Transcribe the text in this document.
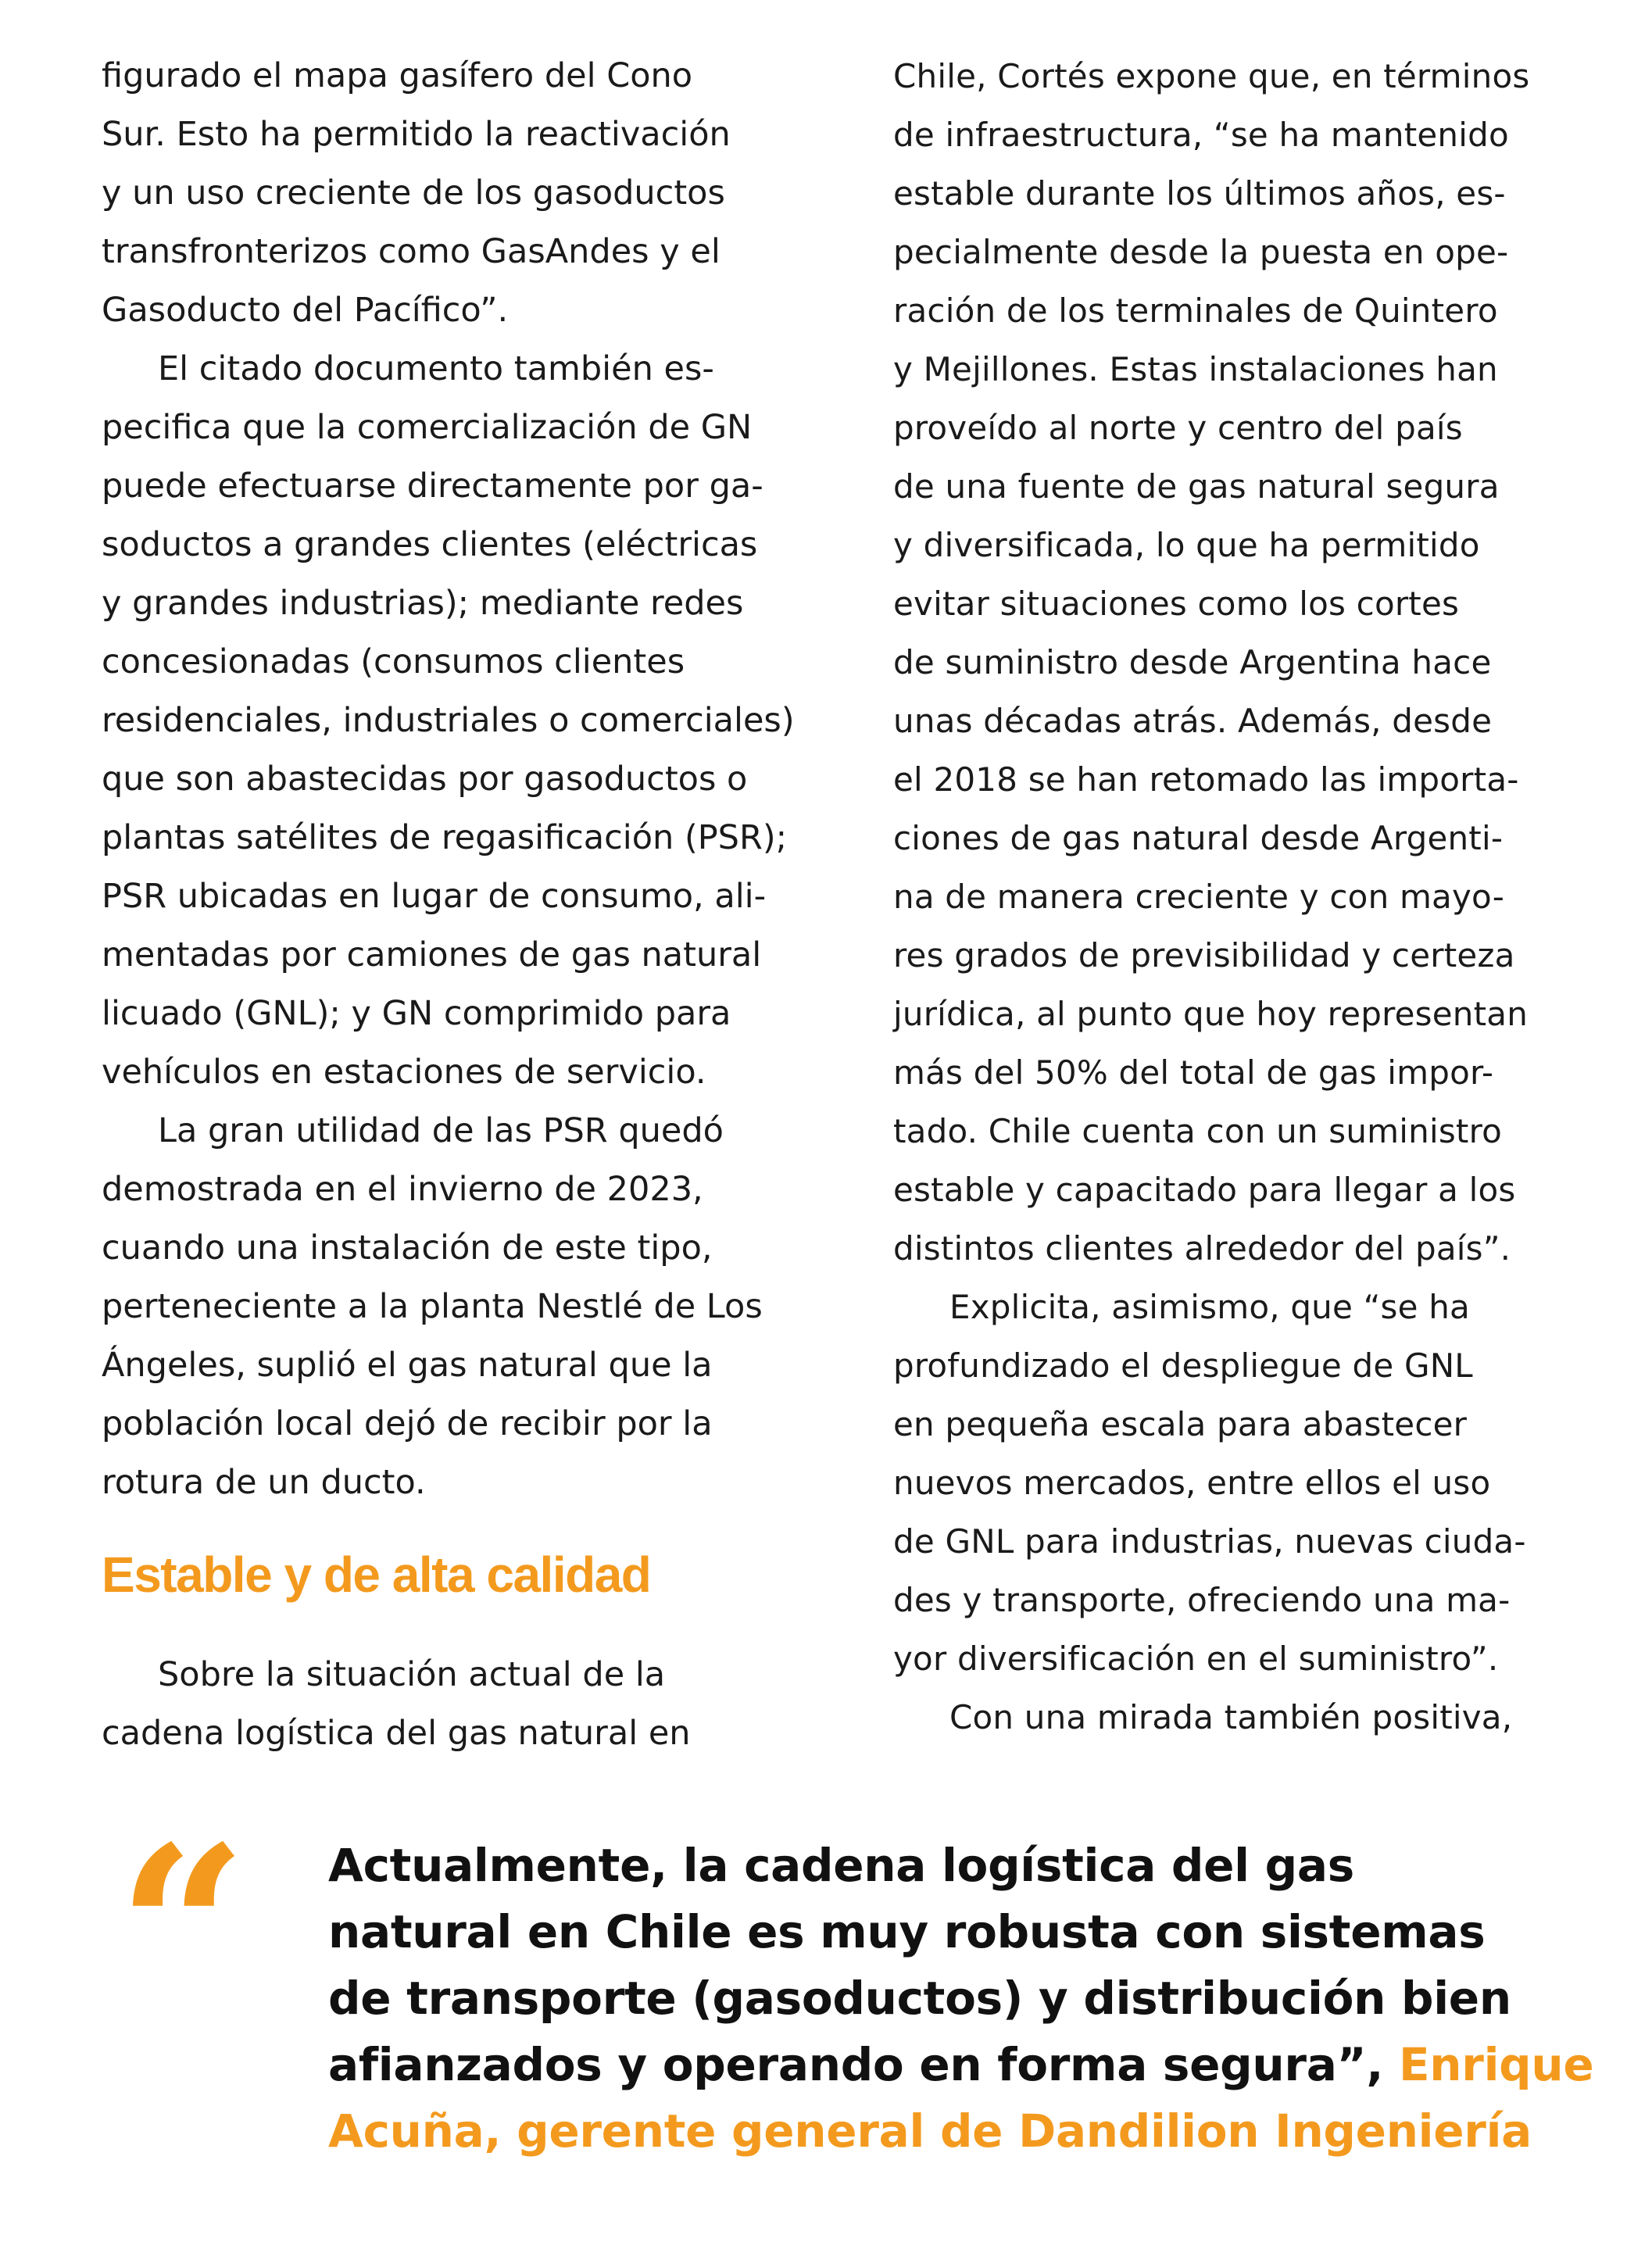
figurado el mapa gasífero del Cono
Sur. Esto ha permitido la reactivación
y un uso creciente de los gasoductos
transfronterizos como GasAndes y el
Gasoducto del Pacífico”.
El citado documento también es-
pecifica que la comercialización de GN
puede efectuarse directamente por ga-
soductos a grandes clientes (eléctricas
y grandes industrias); mediante redes
concesionadas (consumos clientes
residenciales, industriales o comerciales)
que son abastecidas por gasoductos o
plantas satélites de regasificación (PSR);
PSR ubicadas en lugar de consumo, ali-
mentadas por camiones de gas natural
licuado (GNL); y GN comprimido para
vehículos en estaciones de servicio.
La gran utilidad de las PSR quedó
demostrada en el invierno de 2023,
cuando una instalación de este tipo,
perteneciente a la planta Nestlé de Los
Ángeles, suplió el gas natural que la
población local dejó de recibir por la
rotura de un ducto.
Estable y de alta calidad
Sobre la situación actual de la
cadena logística del gas natural en
Chile, Cortés expone que, en términos
de infraestructura, “se ha mantenido
estable durante los últimos años, es-
pecialmente desde la puesta en ope-
ración de los terminales de Quintero
y Mejillones. Estas instalaciones han
proveído al norte y centro del país
de una fuente de gas natural segura
y diversificada, lo que ha permitido
evitar situaciones como los cortes
de suministro desde Argentina hace
unas décadas atrás. Además, desde
el 2018 se han retomado las importa-
ciones de gas natural desde Argenti-
na de manera creciente y con mayo-
res grados de previsibilidad y certeza
jurídica, al punto que hoy representan
más del 50% del total de gas impor-
tado. Chile cuenta con un suministro
estable y capacitado para llegar a los
distintos clientes alrededor del país”.
Explicita, asimismo, que “se ha
profundizado el despliegue de GNL
en pequeña escala para abastecer
nuevos mercados, entre ellos el uso
de GNL para industrias, nuevas ciuda-
des y transporte, ofreciendo una ma-
yor diversificación en el suministro”.
Con una mirada también positiva,
“ Actualmente, la cadena logística del gas
natural en Chile es muy robusta con sistemas
de transporte (gasoductos) y distribución bien
afianzados y operando en forma segura”, Enrique
Acuña, gerente general de Dandilion Ingeniería
